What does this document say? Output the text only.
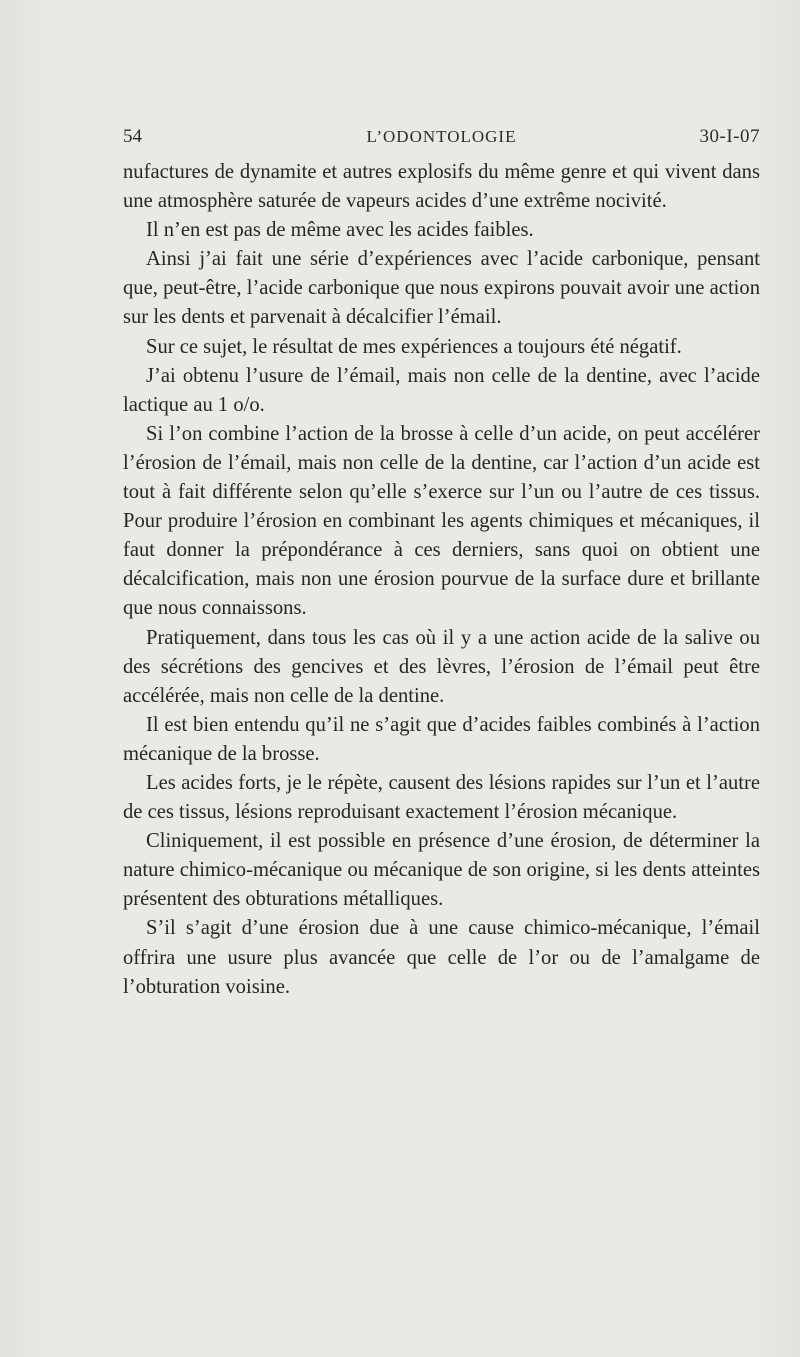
54	L’ODONTOLOGIE	30-I-07

nufactures de dynamite et autres explosifs du même genre et qui vivent dans une atmosphère saturée de vapeurs acides d’une extrême nocivité.

Il n’en est pas de même avec les acides faibles.

Ainsi j’ai fait une série d’expériences avec l’acide carbonique, pensant que, peut-être, l’acide carbonique que nous expirons pouvait avoir une action sur les dents et parvenait à décalcifier l’émail.

Sur ce sujet, le résultat de mes expériences a toujours été négatif.

J’ai obtenu l’usure de l’émail, mais non celle de la dentine, avec l’acide lactique au 1 o/o.

Si l’on combine l’action de la brosse à celle d’un acide, on peut accélérer l’érosion de l’émail, mais non celle de la dentine, car l’action d’un acide est tout à fait différente selon qu’elle s’exerce sur l’un ou l’autre de ces tissus. Pour produire l’érosion en combinant les agents chimiques et mécaniques, il faut donner la prépondérance à ces derniers, sans quoi on obtient une décalcification, mais non une érosion pourvue de la surface dure et brillante que nous connaissons.

Pratiquement, dans tous les cas où il y a une action acide de la salive ou des sécrétions des gencives et des lèvres, l’érosion de l’émail peut être accélérée, mais non celle de la dentine.

Il est bien entendu qu’il ne s’agit que d’acides faibles combinés à l’action mécanique de la brosse.

Les acides forts, je le répète, causent des lésions rapides sur l’un et l’autre de ces tissus, lésions reproduisant exactement l’érosion mécanique.

Cliniquement, il est possible en présence d’une érosion, de déterminer la nature chimico-mécanique ou mécanique de son origine, si les dents atteintes présentent des obturations métalliques.

S’il s’agit d’une érosion due à une cause chimico-mécanique, l’émail offrira une usure plus avancée que celle de l’or ou de l’amalgame de l’obturation voisine.
